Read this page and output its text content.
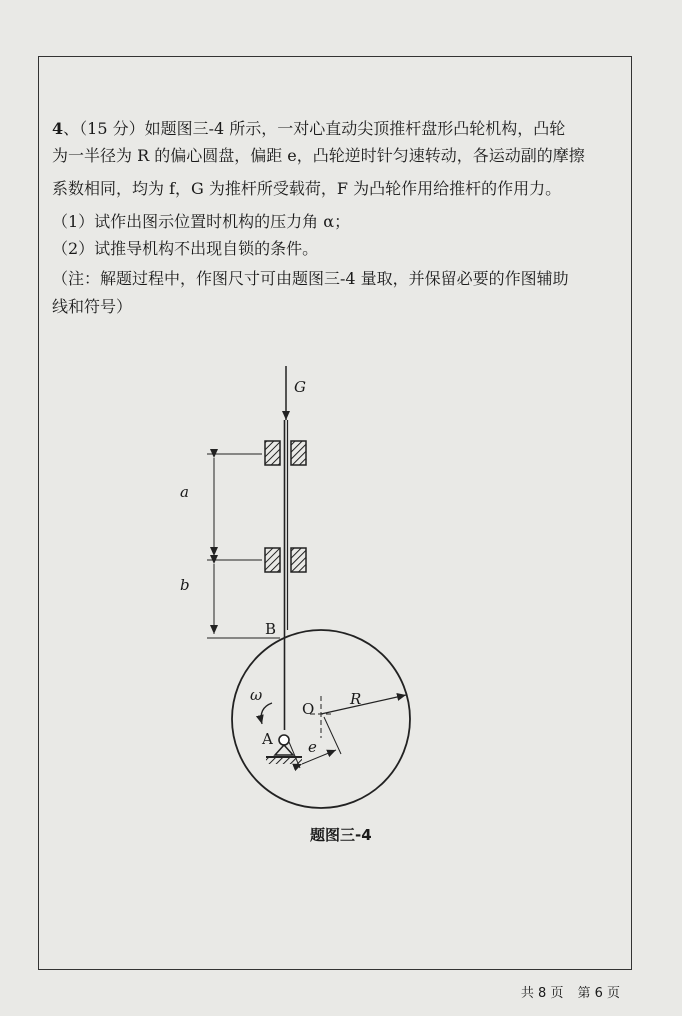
4、（15 分）如题图三-4 所示，一对心直动尖顶推杆盘形凸轮机构，凸轮

为一半径为 R 的偏心圆盘，偏距 e，凸轮逆时针匀速转动，各运动副的摩擦

系数相同，均为 f，G 为推杆所受载荷，F 为凸轮作用给推杆的作用力。

（1）试作出图示位置时机构的压力角 α；

（2）试推导机构不出现自锁的条件。

（注：解题过程中，作图尺寸可由题图三-4 量取，并保留必要的作图辅助

线和符号）

G
a
b
B
O
R
ω
A e
题图三-4
共 8 页 第 6 页
